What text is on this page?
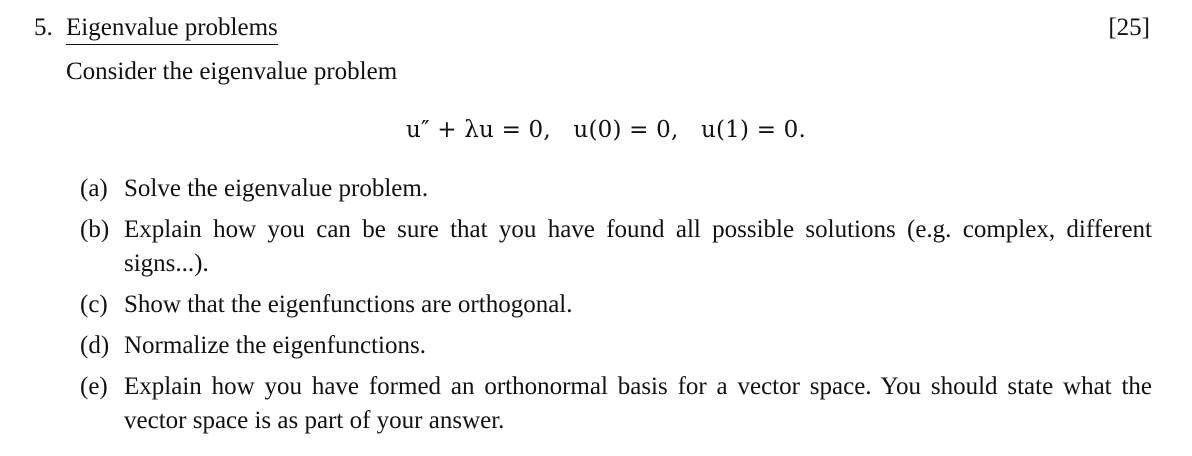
5. Eigenvalue problems	[25]
Consider the eigenvalue problem
u″ + λu = 0,   u(0) = 0,   u(1) = 0.
(a) Solve the eigenvalue problem.
(b) Explain how you can be sure that you have found all possible solutions (e.g. complex, different signs...).
(c) Show that the eigenfunctions are orthogonal.
(d) Normalize the eigenfunctions.
(e) Explain how you have formed an orthonormal basis for a vector space. You should state what the vector space is as part of your answer.
